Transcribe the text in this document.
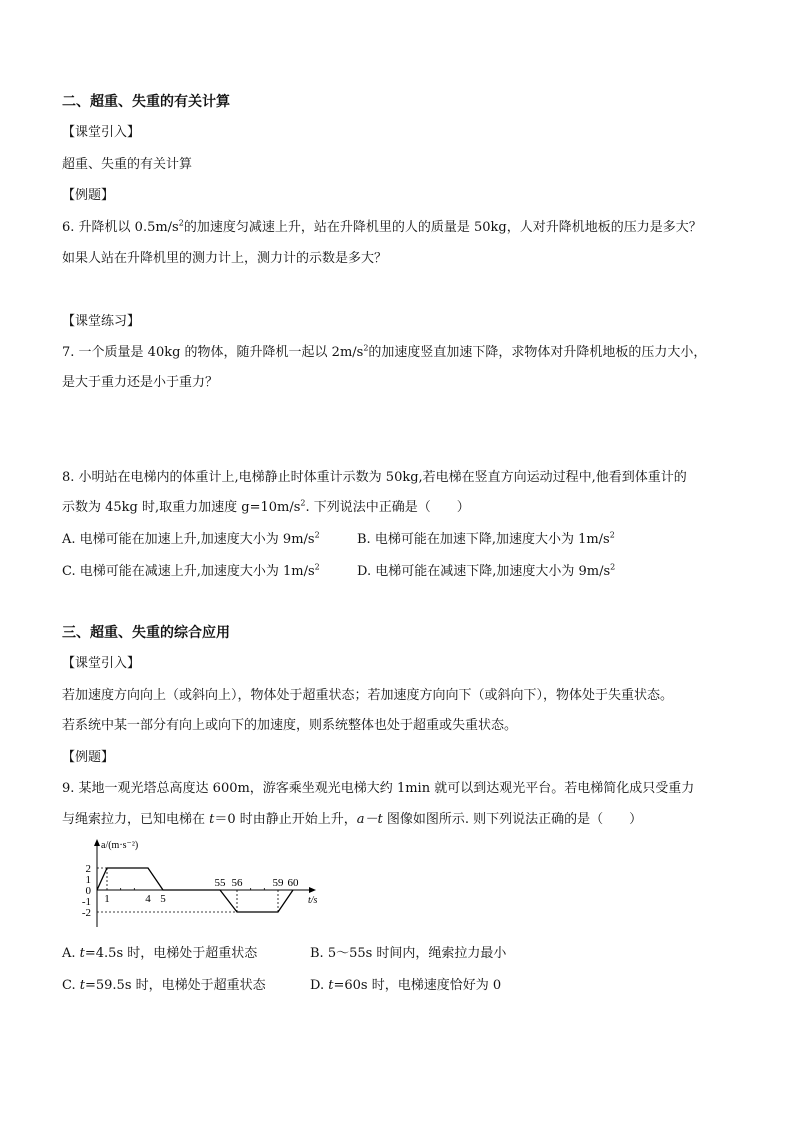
二、超重、失重的有关计算
【课堂引入】
超重、失重的有关计算
【例题】
6. 升降机以 $0.5m/s^2$的加速度匀减速上升，站在升降机里的人的质量是 50kg，人对升降机地板的压力是多大？
如果人站在升降机里的测力计上，测力计的示数是多大？
【课堂练习】
7. 一个质量是 40kg 的物体，随升降机一起以 $2m/s^2$的加速度竖直加速下降，求物体对升降机地板的压力大小，
是大于重力还是小于重力？
8. 小明站在电梯内的体重计上,电梯静止时体重计示数为 50kg,若电梯在竖直方向运动过程中,他看到体重计的
示数为 45kg 时,取重力加速度 $g=10m/s^2$. 下列说法中正确是（　　）
A. 电梯可能在加速上升,加速度大小为 $9m/s^2$	B. 电梯可能在加速下降,加速度大小为 $1m/s^2$
C. 电梯可能在减速上升,加速度大小为 $1m/s^2$	D. 电梯可能在减速下降,加速度大小为 $9m/s^2$
三、超重、失重的综合应用
【课堂引入】
若加速度方向向上（或斜向上），物体处于超重状态；若加速度方向向下（或斜向下），物体处于失重状态。
若系统中某一部分有向上或向下的加速度，则系统整体也处于超重或失重状态。
【例题】
9. 某地一观光塔总高度达 600m，游客乘坐观光电梯大约 1min 就可以到达观光平台。若电梯简化成只受重力
与绳索拉力，已知电梯在 t＝0 时由静止开始上升，a－t 图像如图所示. 则下列说法正确的是（　　）
a/(m·s⁻²)
t/s
2
1
0
-1
-2
1	4 5
55 56	59 60
A. t=4.5s 时，电梯处于超重状态	B. 5～55s 时间内，绳索拉力最小
C. t=59.5s 时，电梯处于超重状态	D. t=60s 时，电梯速度恰好为 0
